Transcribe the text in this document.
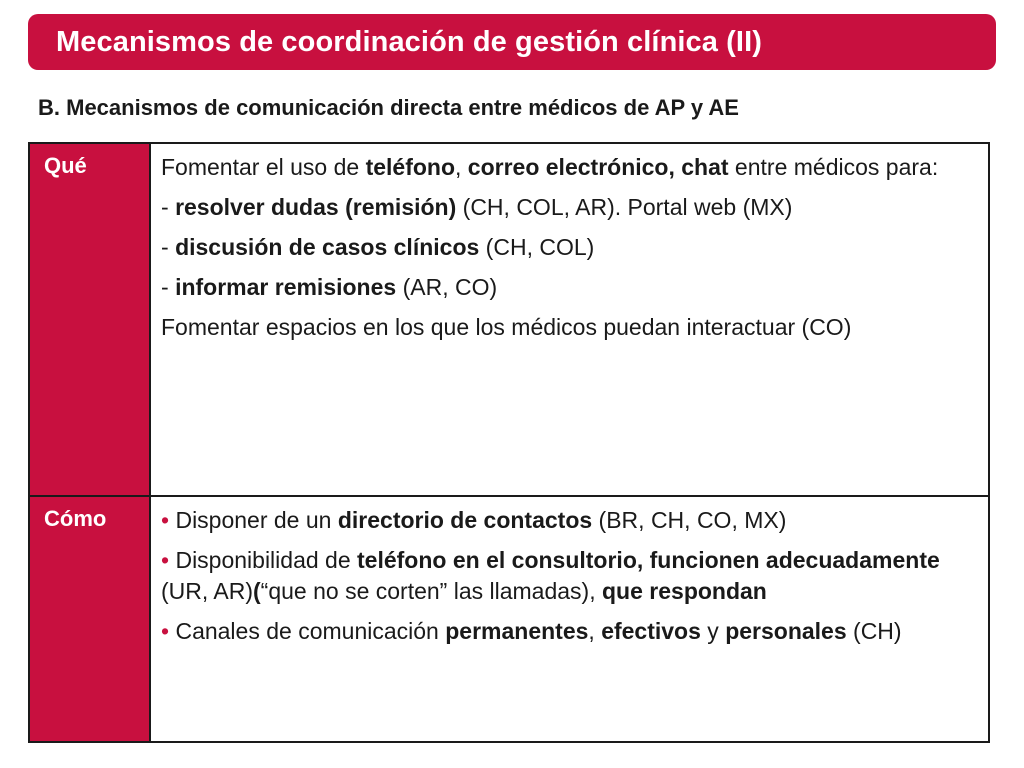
Mecanismos de coordinación de gestión clínica (II)
B. Mecanismos de comunicación directa entre médicos de AP y AE
Qué	Fomentar el uso de teléfono, correo electrónico, chat entre médicos para:
- resolver dudas (remisión) (CH, COL, AR). Portal web (MX)
- discusión de casos clínicos (CH, COL)
- informar remisiones (AR, CO)
Fomentar espacios en los que los médicos puedan interactuar (CO)

Cómo	• Disponer de un directorio de contactos (BR, CH, CO, MX)
• Disponibilidad de teléfono en el consultorio, funcionen adecuadamente (UR, AR)(“que no se corten” las llamadas), que respondan
• Canales de comunicación permanentes, efectivos y personales (CH)
